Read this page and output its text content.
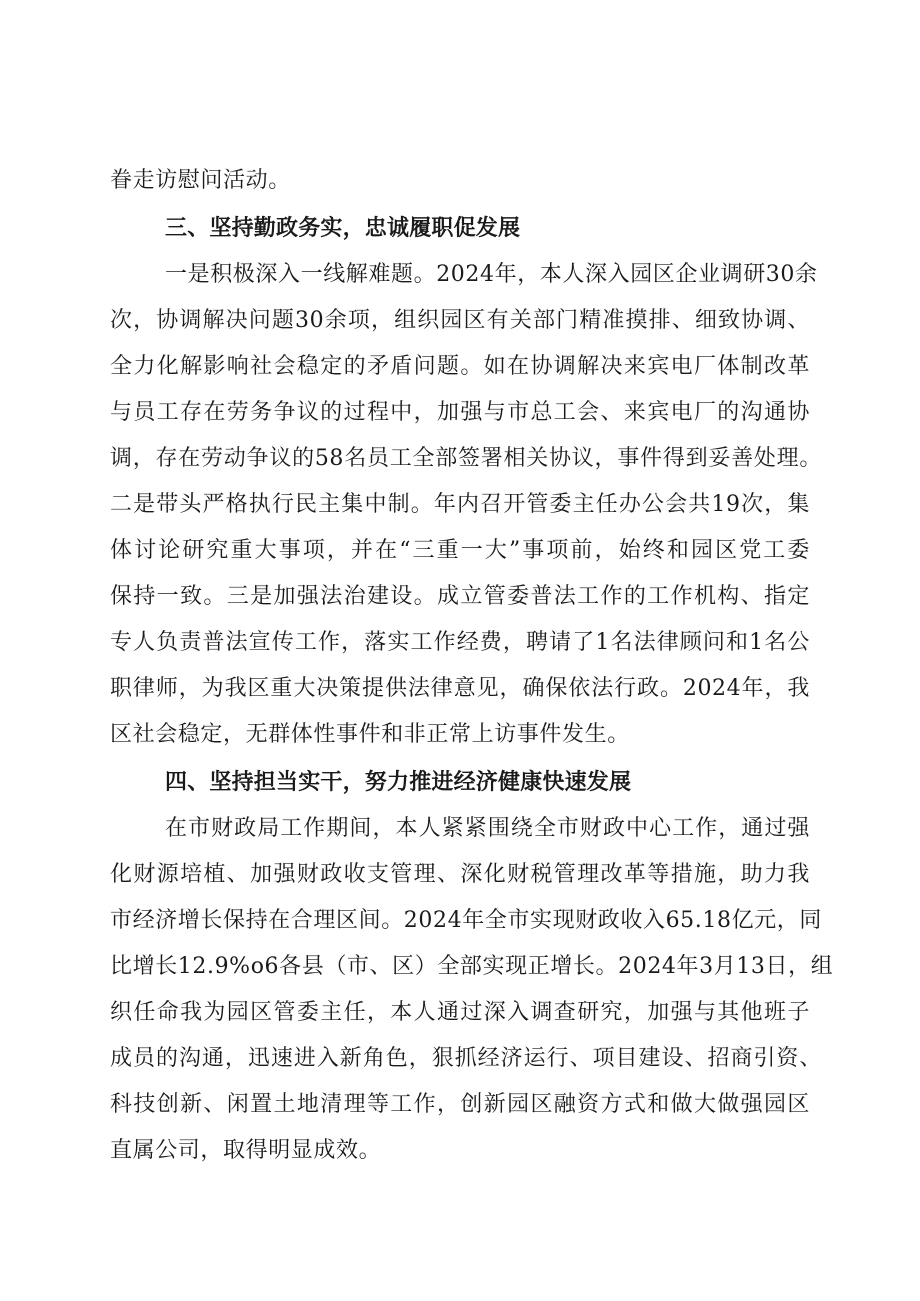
眷走访慰问活动。
三、坚持勤政务实，忠诚履职促发展
一是积极深入一线解难题。2024年，本人深入园区企业调研30余
次，协调解决问题30余项，组织园区有关部门精准摸排、细致协调、
全力化解影响社会稳定的矛盾问题。如在协调解决来宾电厂体制改革
与员工存在劳务争议的过程中，加强与市总工会、来宾电厂的沟通协
调，存在劳动争议的58名员工全部签署相关协议，事件得到妥善处理。
二是带头严格执行民主集中制。年内召开管委主任办公会共19次，集
体讨论研究重大事项，并在“三重一大”事项前，始终和园区党工委
保持一致。三是加强法治建设。成立管委普法工作的工作机构、指定
专人负责普法宣传工作，落实工作经费，聘请了1名法律顾问和1名公
职律师，为我区重大决策提供法律意见，确保依法行政。2024年，我
区社会稳定，无群体性事件和非正常上访事件发生。
四、坚持担当实干，努力推进经济健康快速发展
在市财政局工作期间，本人紧紧围绕全市财政中心工作，通过强
化财源培植、加强财政收支管理、深化财税管理改革等措施，助力我
市经济增长保持在合理区间。2024年全市实现财政收入65.18亿元，同
比增长12.9%o6各县（市、区）全部实现正增长。2024年3月13日，组
织任命我为园区管委主任，本人通过深入调查研究，加强与其他班子
成员的沟通，迅速进入新角色，狠抓经济运行、项目建设、招商引资、
科技创新、闲置土地清理等工作，创新园区融资方式和做大做强园区
直属公司，取得明显成效。
